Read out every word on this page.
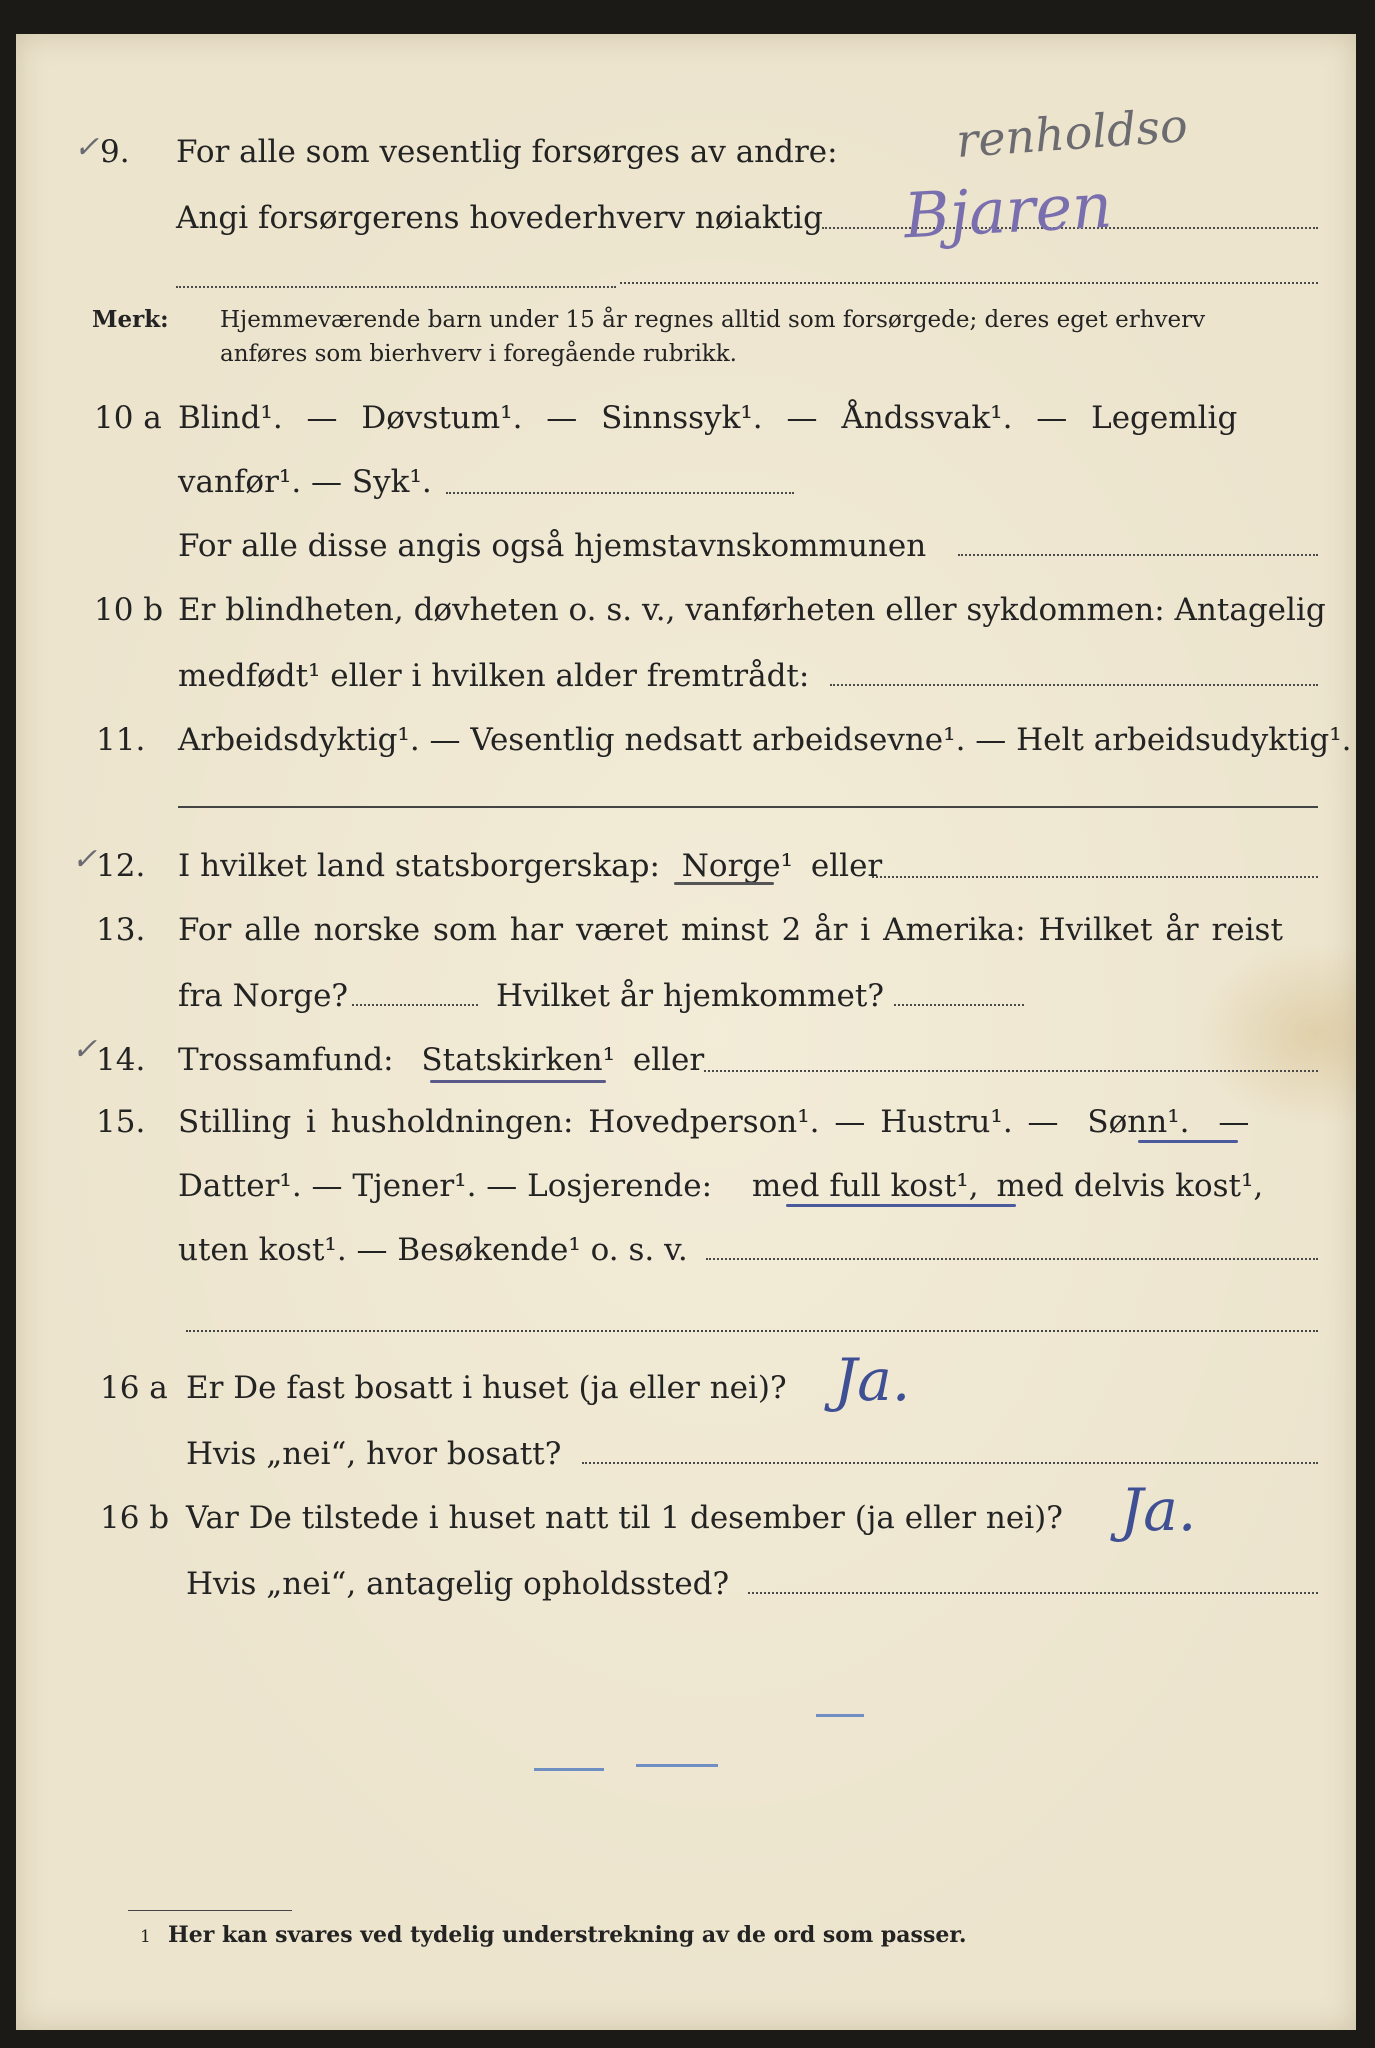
✓ 9. For alle som vesentlig forsørges av andre:	renholdso
Angi forsørgerens hovederhverv nøiaktig Bjaren
Merk: Hjemmeværende barn under 15 år regnes alltid som forsørgede; deres eget erhverv
anføres som bierhverv i foregående rubrikk.
10 a Blind¹. — Døvstum¹. — Sinnssyk¹. — Åndssvak¹. — Legemlig
vanfør¹. — Syk¹.
For alle disse angis også hjemstavnskommunen
10 b Er blindheten, døvheten o. s. v., vanførheten eller sykdommen: Antagelig
medfødt¹ eller i hvilken alder fremtrådt:
11. Arbeidsdyktig¹. — Vesentlig nedsatt arbeidsevne¹. — Helt arbeidsudyktig¹.
✓
12. I hvilket land statsborgerskap: Norge¹ eller
13. For alle norske som har været minst 2 år i Amerika: Hvilket år reist
fra Norge?	Hvilket år hjemkommet?
✓
14. Trossamfund: Statskirken¹ eller
15. Stilling i husholdningen: Hovedperson¹. — Hustru¹. — Sønn¹. —
Datter¹. — Tjener¹. — Losjerende: med full kost¹, med delvis kost¹,
uten kost¹. — Besøkende¹ o. s. v.
16 a Er De fast bosatt i huset (ja eller nei)? Ja.
Hvis „nei“, hvor bosatt?
16 b Var De tilstede i huset natt til 1 desember (ja eller nei)? Ja.
Hvis „nei“, antagelig opholdssted?
1 Her kan svares ved tydelig understrekning av de ord som passer.
